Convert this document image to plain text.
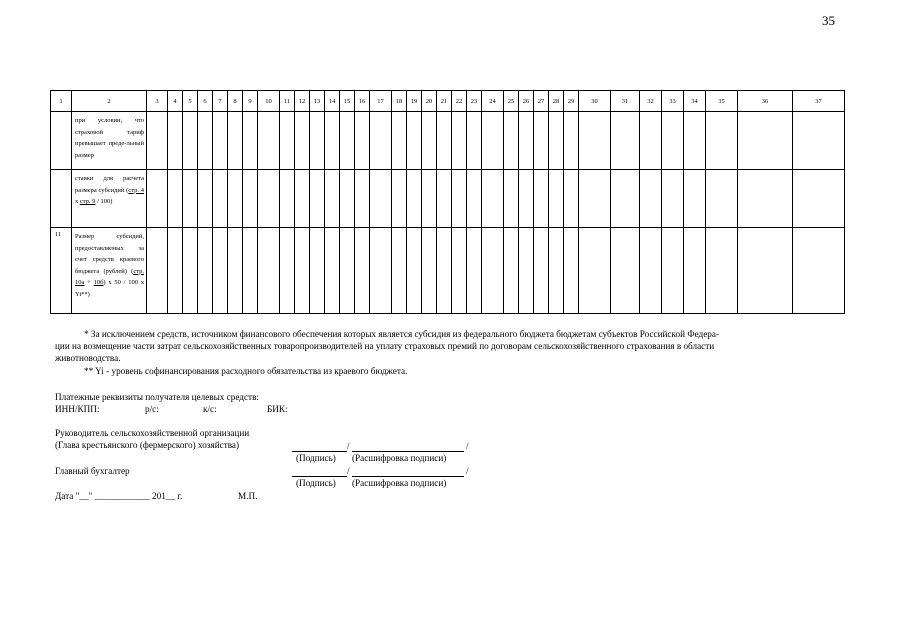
35
1	2	3	4	5	6	7	8	9	10	11	12	13	14	15	16	17	18	19	20	21	22	23	24	25	26	27	28	29	30	31	32	33	34	35	36	37
	при условии, что страховой тариф превышает преде-льный размер																																			
	ставки для расчета размера субсидий (стр. 4 х стр. 9 / 100)																																			
11	Размер субсидий, предоставляемых за счет средств краевого бюджета (рублей) (стр. 10а + 10б) х 50 / 100 х Yi**)																																			
* За исключением средств, источником финансового обеспечения которых является субсидия из федерального бюджета бюджетам субъектов Российской Федера-
ции на возмещение части затрат сельскохозяйственных товаропроизводителей на уплату страховых премий по договорам сельскохозяйственного страхования в области
животноводства.
** Yi - уровень софинансирования расходного обязательства из краевого бюджета.
Платежные реквизиты получателя целевых средств:
ИНН/КПП:	р/с:	к/с:	БИК:
Руководитель сельскохозяйственной организации
(Глава крестьянского (фермерского) хозяйства)	/	/
(Подпись) (Расшифровка подписи)
Главный бухгалтер	/	/
(Подпись) (Расшифровка подписи)
Дата "__" ____________ 201__ г.	М.П.
